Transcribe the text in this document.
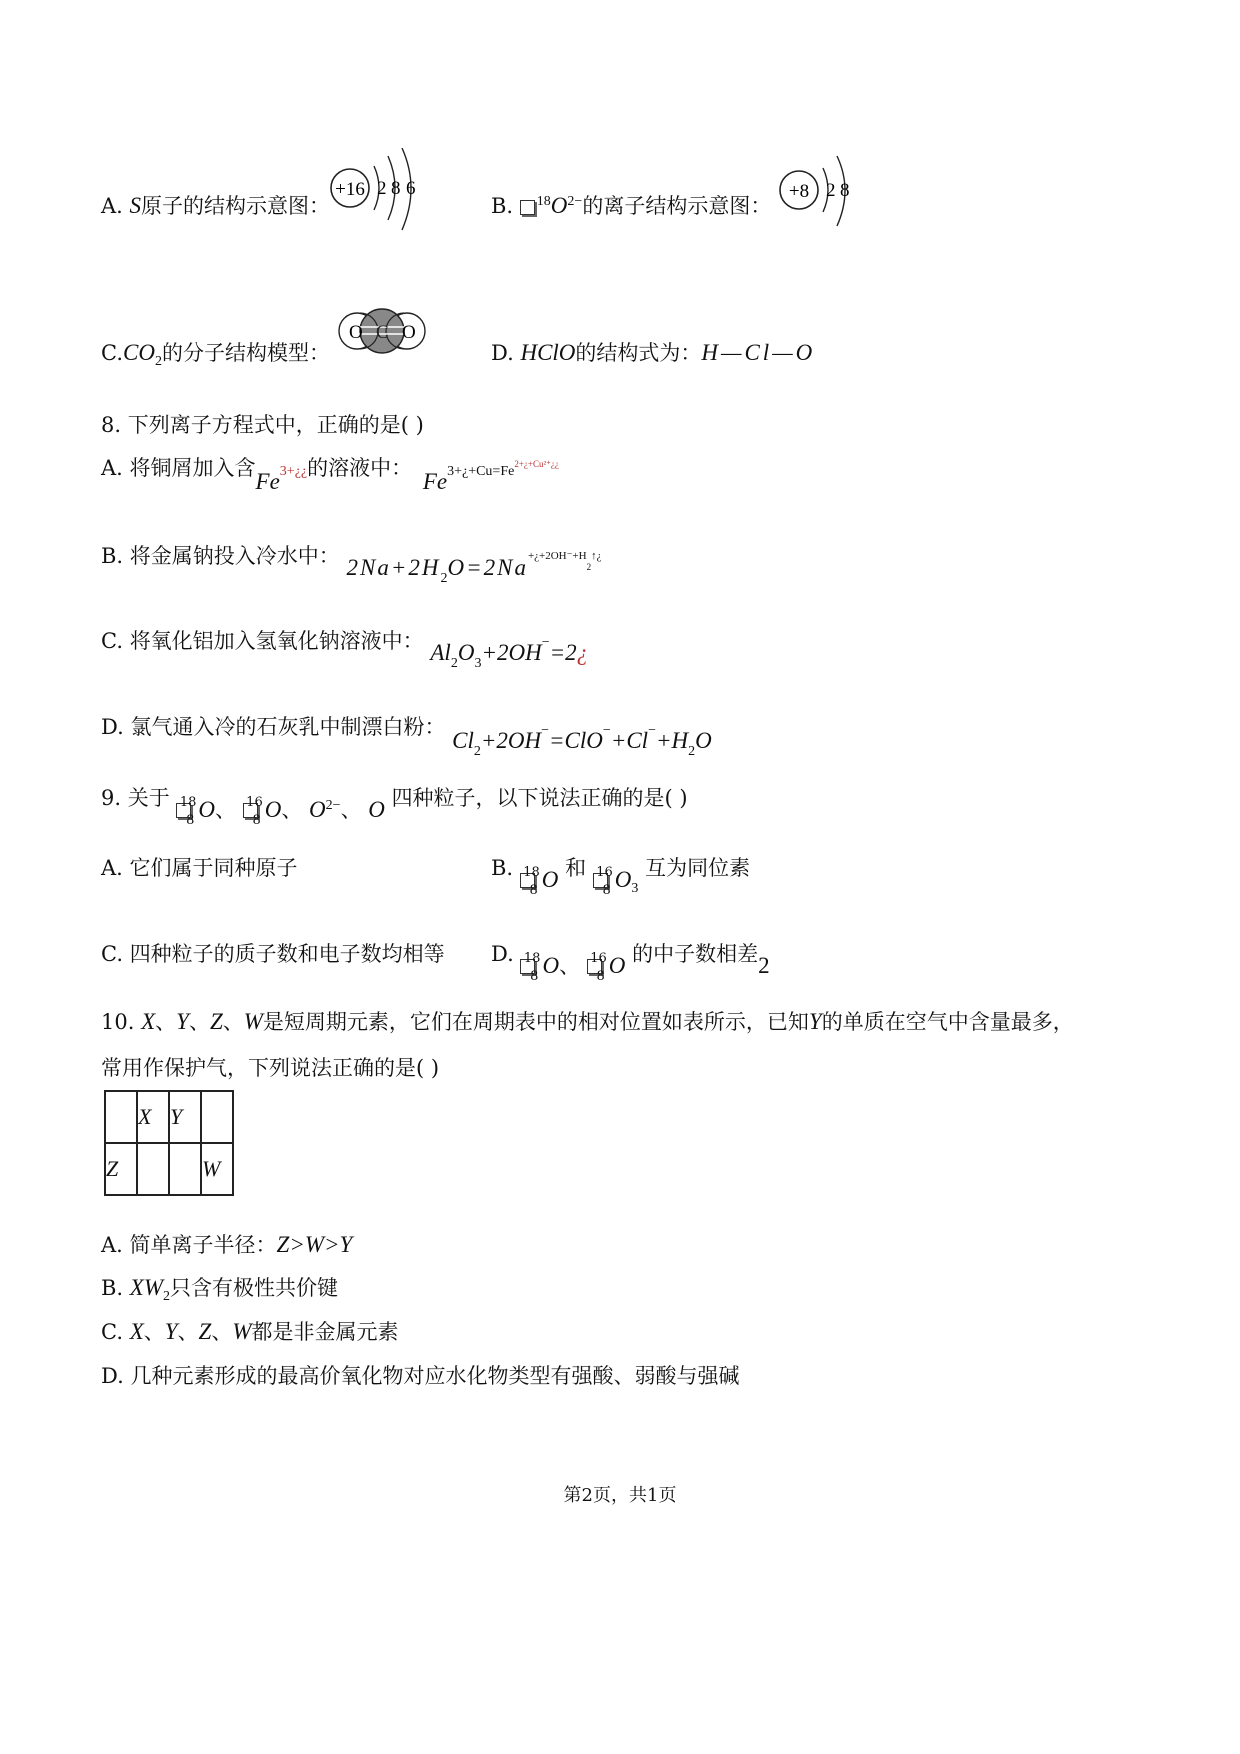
A. S原子的结构示意图：
+16 2 8 6
B. $^{18}O^{2-}$的离子结构示意图：
+8 2 8
$C.CO_2$的分子结构模型：
O C O
D. HClO的结构式为：H—Cl—O
8. 下列离子方程式中，正确的是( )
A. 将铜屑加入含$Fe^{3+¿¿}$的溶液中： $Fe^{3+¿+Cu=Fe2+¿+Cu^{2+}¿¿}$
B. 将金属钠投入冷水中： $2Na+2H_2O=2Na^{+¿+2OH^-+H}_2^{↑¿}$
C. 将氧化铝加入氢氧化钠溶液中： $Al_2O_3+2OH^-=2¿$
D. 氯气通入冷的石灰乳中制漂白粉： $Cl_2+2OH^-=ClO^-+Cl^-+H_2O$
9. 关于 18
8 O、 16
8 O、 $O^{2-}$、 O 四种粒子，以下说法正确的是( )
A. 它们属于同种原子	B. 18
8 O 和 16
8 $O_3$ 互为同位素
C. 四种粒子的质子数和电子数均相等 D. 18
8 O、 16
8 O 的中子数相差2
10. X、Y、Z、W是短周期元素，它们在周期表中的相对位置如表所示，已知Y的单质在空气中含量最多，
常用作保护气，下列说法正确的是( )
	X	Y	
Z			W
A. 简单离子半径：Z>W>Y
B. $XW_2$只含有极性共价键
C. X、Y、Z、W都是非金属元素
D. 几种元素形成的最高价氧化物对应水化物类型有强酸、弱酸与强碱
第2页，共1页
